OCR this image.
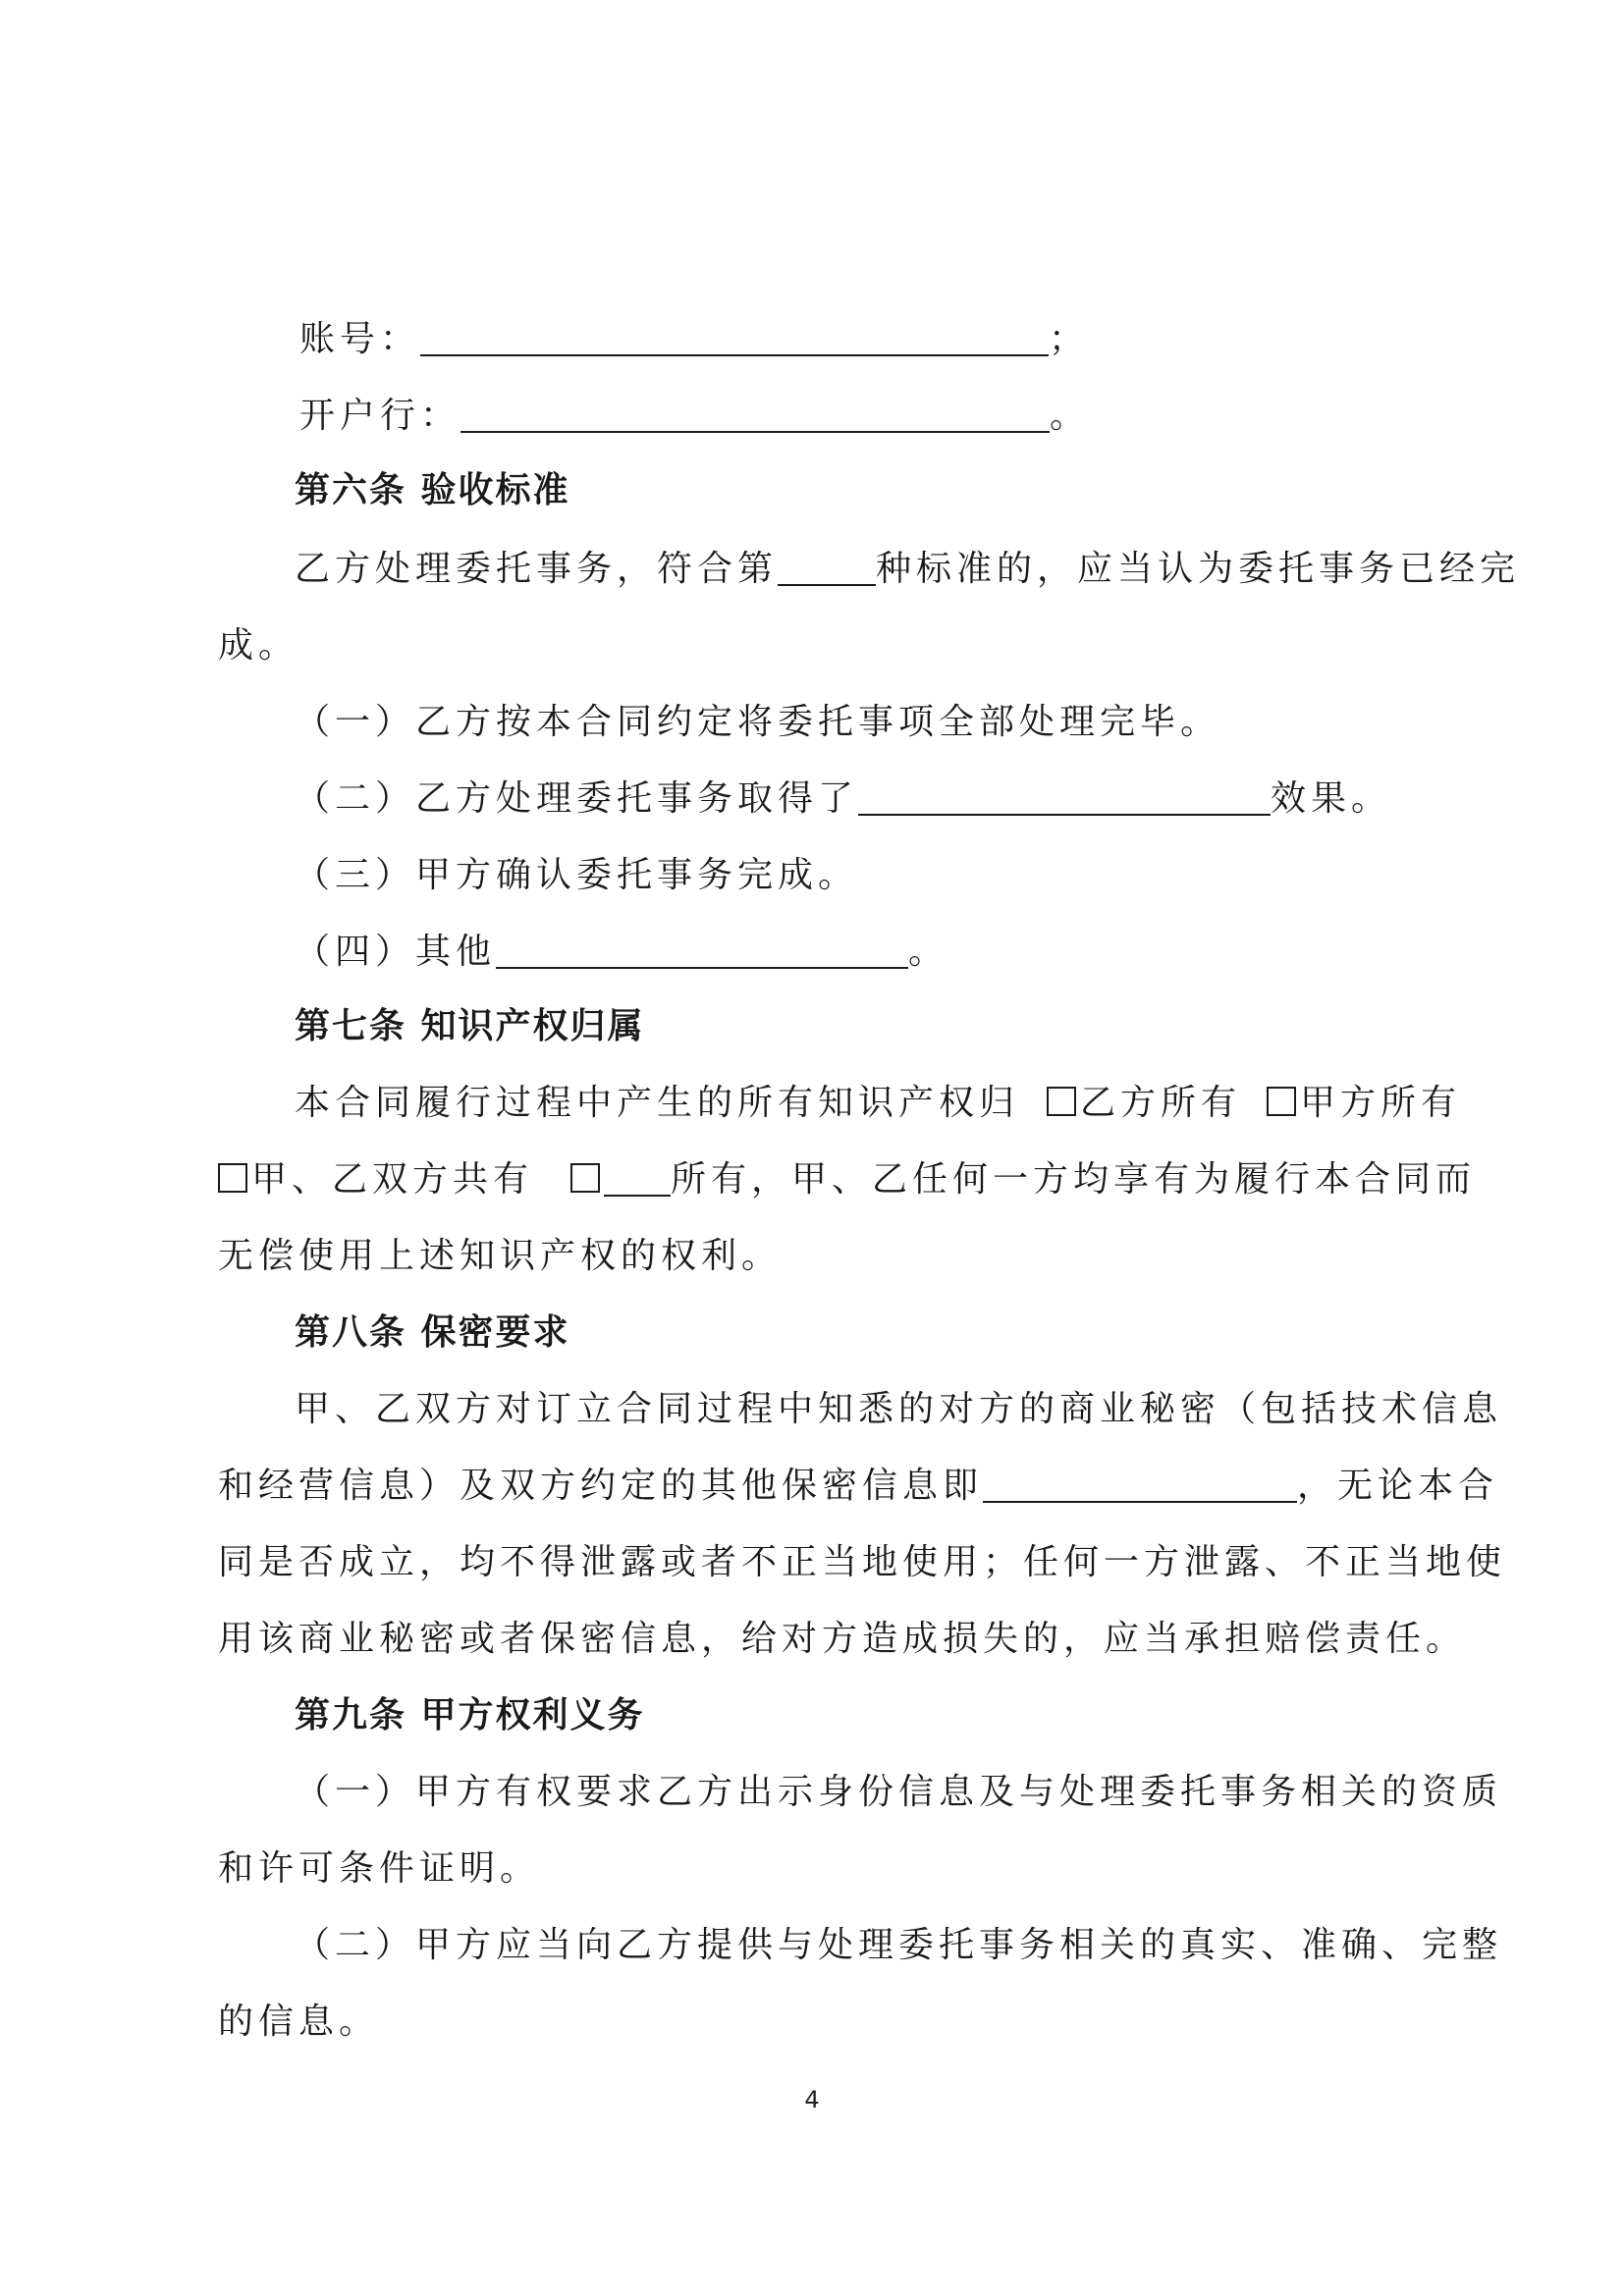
账号：	；
开户行：	。
第六条 验收标准
乙方处理委托事务，符合第	种标准的，应当认为委托事务已经完
成。
（一）乙方按本合同约定将委托事项全部处理完毕。
（二）乙方处理委托事务取得了	效果。
（三）甲方确认委托事务完成。
（四）其他	。
第七条 知识产权归属
本合同履行过程中产生的所有知识产权归 乙方所有 甲方所有
甲、乙双方共有	所有，甲、乙任何一方均享有为履行本合同而
无偿使用上述知识产权的权利。
第八条 保密要求
甲、乙双方对订立合同过程中知悉的对方的商业秘密（包括技术信息
和经营信息）及双方约定的其他保密信息即	，无论本合
同是否成立，均不得泄露或者不正当地使用；任何一方泄露、不正当地使
用该商业秘密或者保密信息，给对方造成损失的，应当承担赔偿责任。
第九条 甲方权利义务
（一）甲方有权要求乙方出示身份信息及与处理委托事务相关的资质
和许可条件证明。
（二）甲方应当向乙方提供与处理委托事务相关的真实、准确、完整
的信息。
4
